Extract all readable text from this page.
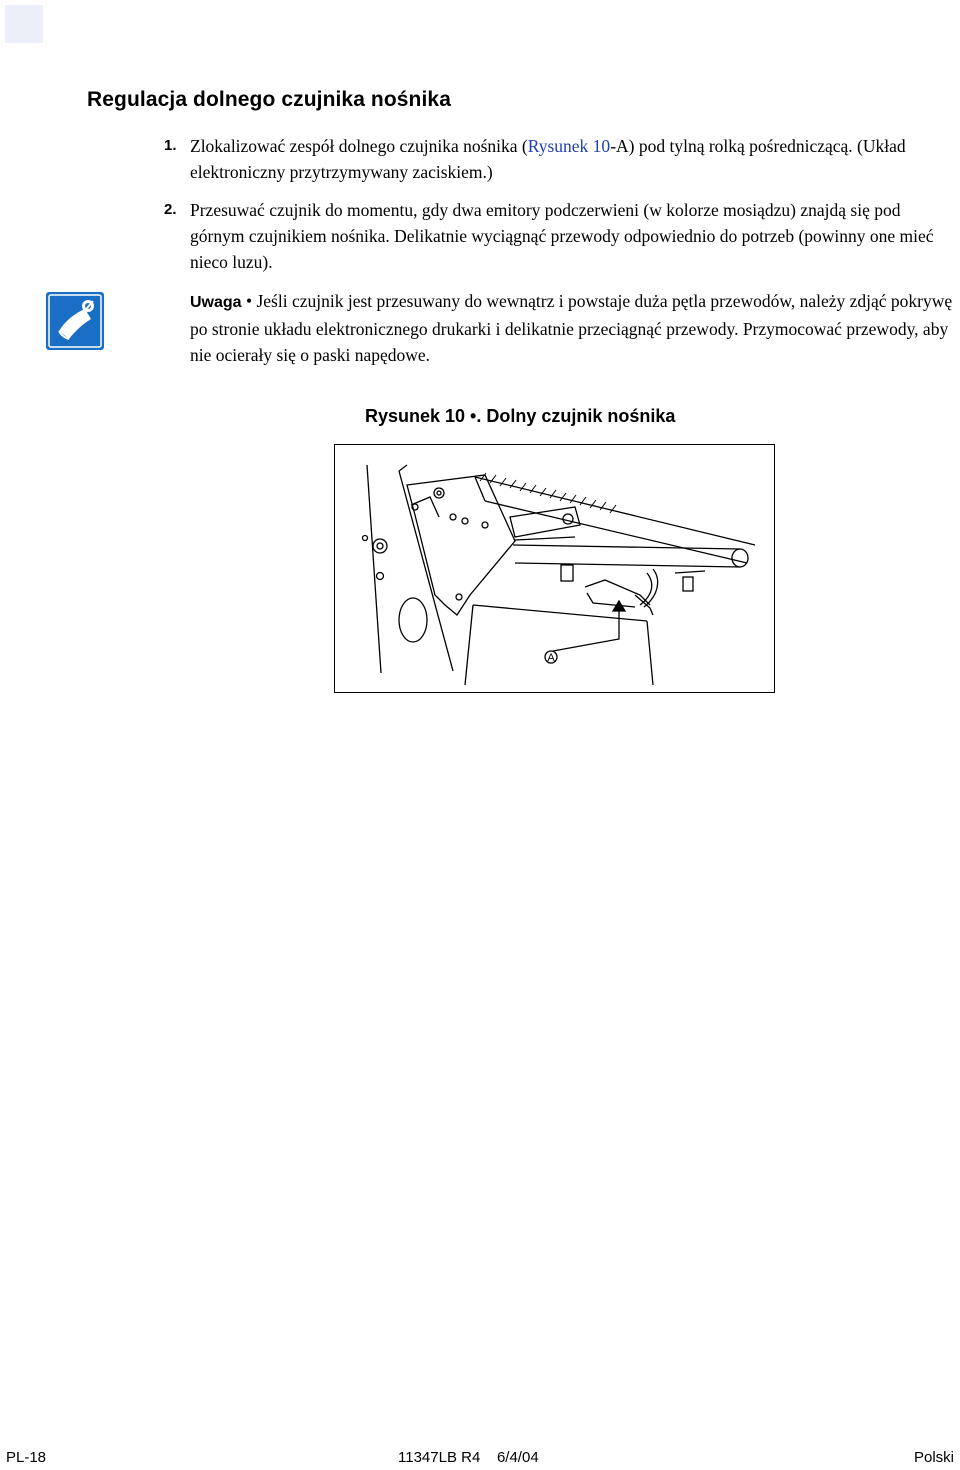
Regulacja dolnego czujnika nośnika
1. Zlokalizować zespół dolnego czujnika nośnika (Rysunek 10-A) pod tylną rolką pośredniczącą. (Układ elektroniczny przytrzymywany zaciskiem.)
2. Przesuwać czujnik do momentu, gdy dwa emitory podczerwieni (w kolorze mosiądzu) znajdą się pod górnym czujnikiem nośnika. Delikatnie wyciągnąć przewody odpowiednio do potrzeb (powinny one mieć nieco luzu).
Uwaga • Jeśli czujnik jest przesuwany do wewnątrz i powstaje duża pętla przewodów, należy zdjąć pokrywę po stronie układu elektronicznego drukarki i delikatnie przeciągnąć przewody. Przymocować przewody, aby nie ocierały się o paski napędowe.
Rysunek 10 •. Dolny czujnik nośnika
A
PL-18	11347LB R4    6/4/04	Polski
